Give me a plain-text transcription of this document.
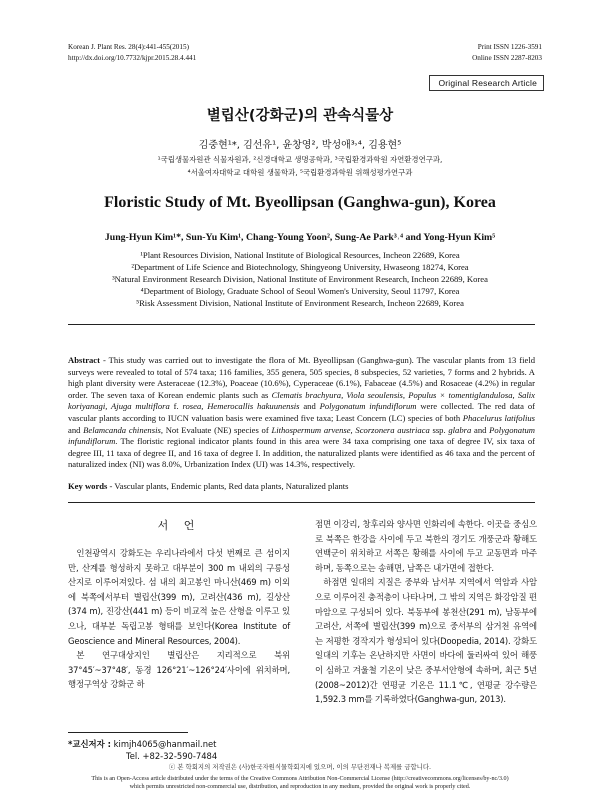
Korean J. Plant Res. 28(4):441-455(2015)
http://dx.doi.org/10.7732/kjpr.2015.28.4.441
Print ISSN 1226-3591
Online ISSN 2287-8203
Original Research Article
별립산(강화군)의 관속식물상
김중현¹*, 김선유¹, 윤창영², 박성애³˒⁴, 김용현⁵
¹국립생물자원관 식물자원과, ²신경대학교 생명공학과, ³국립환경과학원 자연환경연구과,
⁴서울여자대학교 대학원 생물학과, ⁵국립환경과학원 위해성평가연구과
Floristic Study of Mt. Byeollipsan (Ganghwa-gun), Korea
Jung-Hyun Kim¹*, Sun-Yu Kim¹, Chang-Young Yoon², Sung-Ae Park³˒⁴ and Yong-Hyun Kim⁵
¹Plant Resources Division, National Institute of Biological Resources, Incheon 22689, Korea
²Department of Life Science and Biotechnology, Shingyeong University, Hwaseong 18274, Korea
³Natural Environment Research Division, National Institute of Environment Research, Incheon 22689, Korea
⁴Department of Biology, Graduate School of Seoul Women's University, Seoul 11797, Korea
⁵Risk Assessment Division, National Institute of Environment Research, Incheon 22689, Korea
Abstract - This study was carried out to investigate the flora of Mt. Byeollipsan (Ganghwa-gun). The vascular plants from 13 field surveys were revealed to total of 574 taxa; 116 families, 355 genera, 505 species, 8 subspecies, 52 varieties, 7 forms and 2 hybrids. A high plant diversity were Asteraceae (12.3%), Poaceae (10.6%), Cyperaceae (6.1%), Fabaceae (4.5%) and Rosaceae (4.2%) in regular order. The seven taxa of Korean endemic plants such as Clematis brachyura, Viola seoulensis, Populus × tomentiglandulosa, Salix koriyanagi, Ajuga multiflora f. rosea, Hemerocallis hakuunensis and Polygonatum infundiflorum were collected. The red data of vascular plants according to IUCN valuation basis were examined five taxa; Least Concern (LC) species of both Phacelurus latifolius and Belamcanda chinensis, Not Evaluate (NE) species of Lithospermum arvense, Scorzonera austriaca ssp. glabra and Polygonatum infundiflorum. The floristic regional indicator plants found in this area were 34 taxa comprising one taxa of degree IV, six taxa of degree III, 11 taxa of degree II, and 16 taxa of degree I. In addition, the naturalized plants were identified as 46 taxa and the percent of naturalized index (NI) was 8.0%, Urbanization Index (UI) was 14.3%, respectively.
Key words - Vascular plants, Endemic plants, Red data plants, Naturalized plants
서 언

인천광역시 강화도는 우리나라에서 다섯 번째로 큰 섬이지만, 산계를 형성하지 못하고 대부분이 300 m 내외의 구릉성 산지로 이루어져있다. 섬 내의 최고봉인 마니산(469 m) 이외에 북쪽에서부터 별립산(399 m), 고려산(436 m), 길상산(374 m), 진강산(441 m) 등이 비교적 높은 산형을 이루고 있으나, 대부분 독립고봉 형태를 보인다(Korea Institute of Geoscience and Mineral Resources, 2004).

본 연구대상지인 별립산은 지리적으로 북위 37°45′~37°48′, 동경 126°21′~126°24′사이에 위치하며, 행정구역상 강화군 하

점면 이강리, 창후리와 양사면 인화리에 속한다. 이곳을 중심으로 북쪽은 한강을 사이에 두고 북한의 경기도 개풍군과 황해도 연백군이 위치하고 서쪽은 황해를 사이에 두고 교동면과 마주하며, 동쪽으로는 송해면, 남쪽은 내가면에 접한다.

하점면 일대의 지질은 중부와 남서부 지역에서 역암과 사암으로 이루어진 충적층이 나타나며, 그 밖의 지역은 화강암질 편마암으로 구성되어 있다. 북동부에 봉천산(291 m), 남동부에 고려산, 서쪽에 별립산(399 m)으로 중서부의 삼거천 유역에는 저평한 경작지가 형성되어 있다(Doopedia, 2014). 강화도 일대의 기후는 온난하지만 사면이 바다에 둘러싸여 있어 해풍이 심하고 겨울철 기온이 낮은 중부서안형에 속하며, 최근 5년(2008~2012)간 연평균 기온은 11.1℃, 연평균 강수량은 1,592.3 mm를 기록하였다(Ganghwa-gun, 2013).

*교신저자 : kimjh4065@hanmail.net
Tel. +82-32-590-7484
ⓒ 본 학회지의 저작권은 (사)한국자원식물학회지에 있으며, 이의 무단전재나 복제를 금합니다.
This is an Open-Access article distributed under the terms of the Creative Commons Attribution Non-Commercial License (http://creativecommons.org/licenses/by-nc/3.0)
which permits unrestricted non-commercial use, distribution, and reproduction in any medium, provided the original work is properly cited.
